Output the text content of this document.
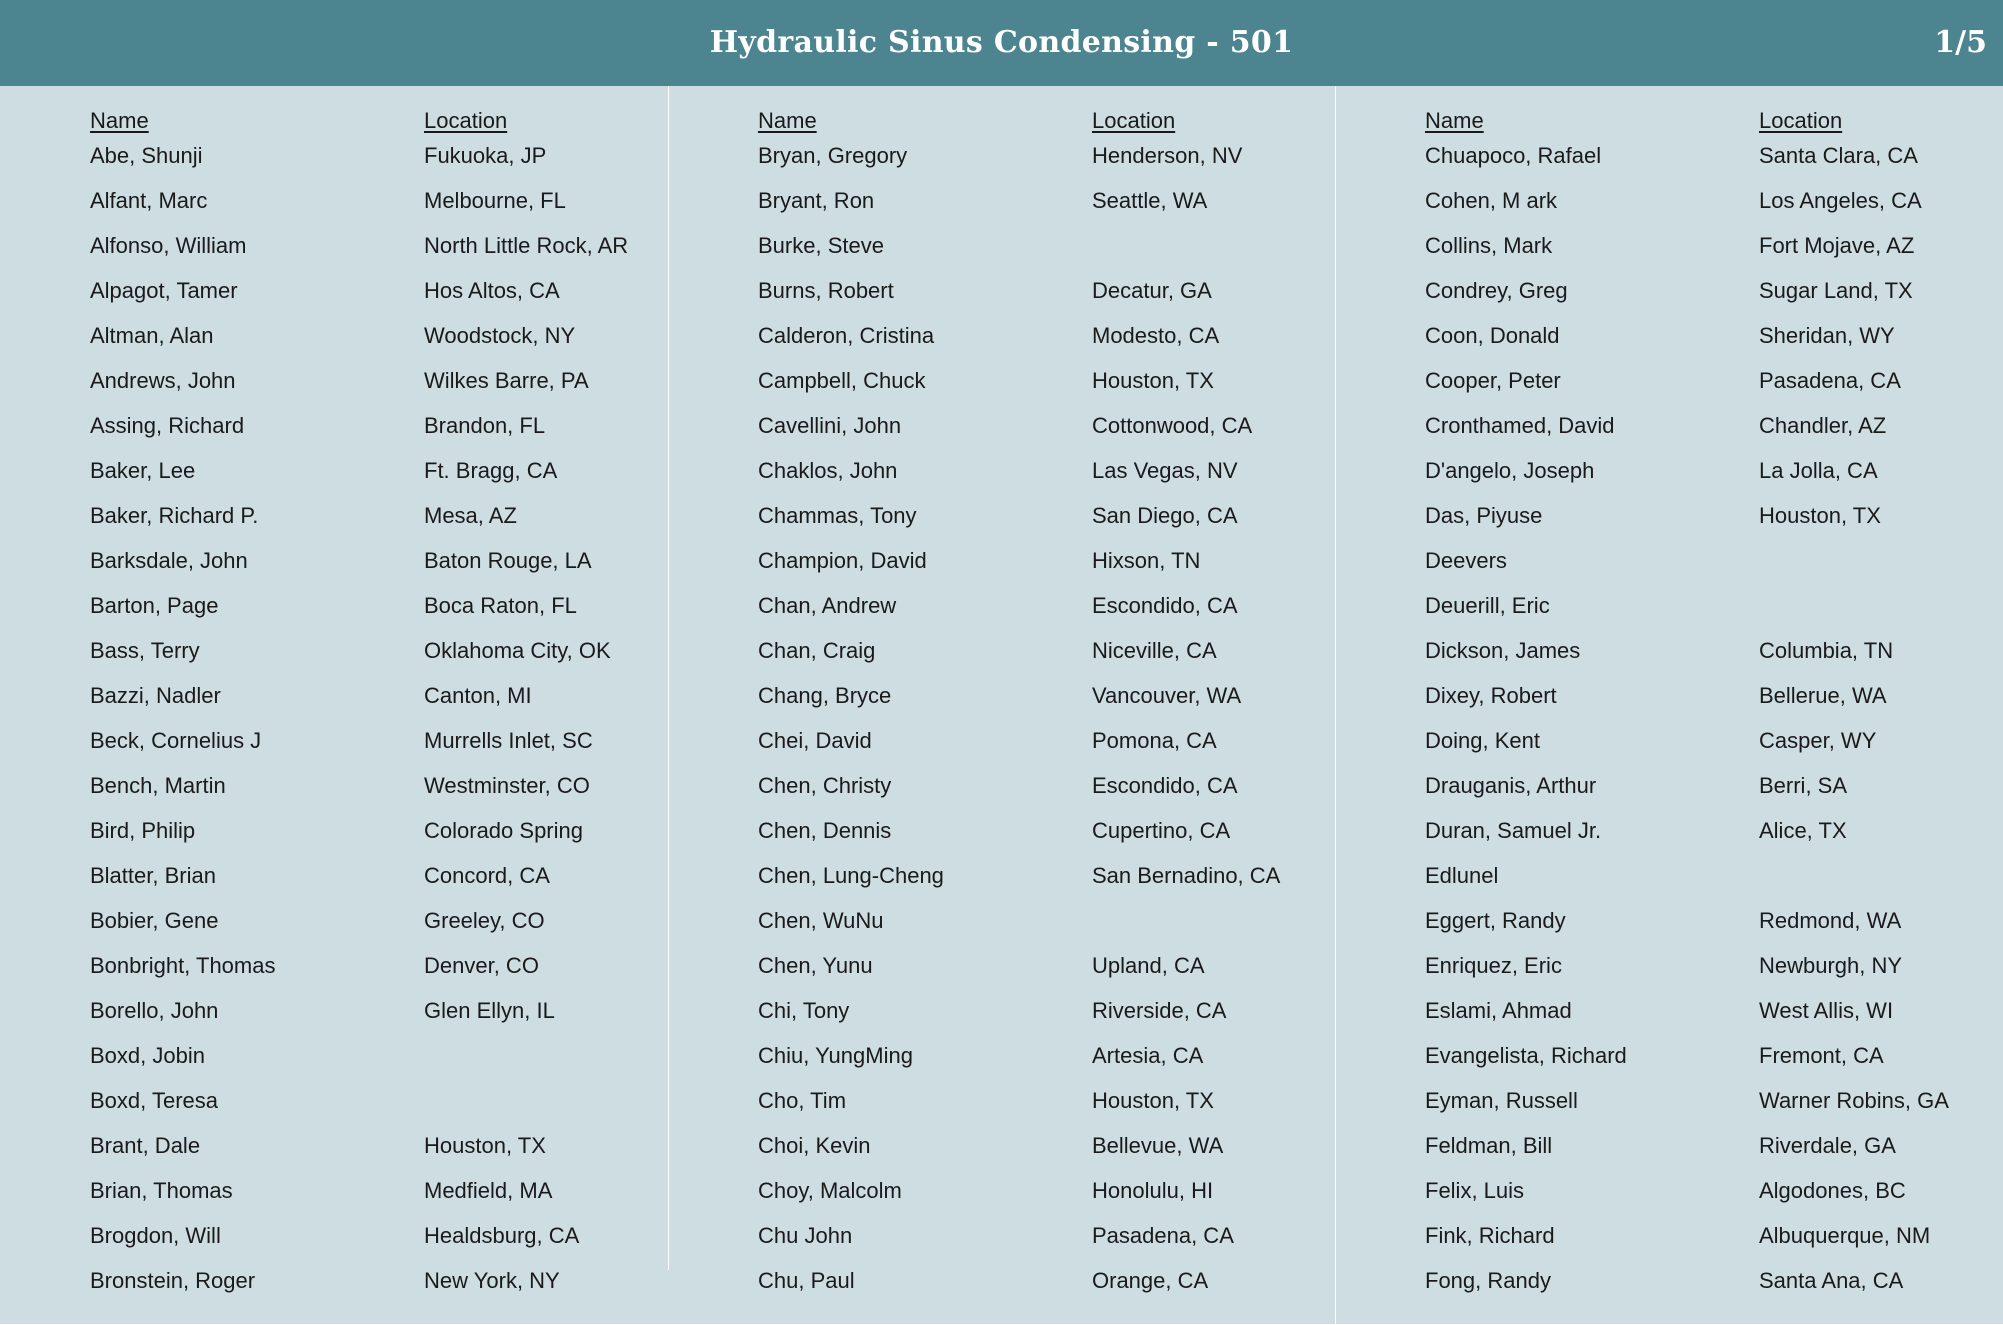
Hydraulic Sinus Condensing - 501	1/5
Name	Location
Abe, Shunji	Fukuoka, JP
Alfant, Marc	Melbourne, FL
Alfonso, William	North Little Rock, AR
Alpagot, Tamer	Hos Altos, CA
Altman, Alan	Woodstock, NY
Andrews, John	Wilkes Barre, PA
Assing, Richard	Brandon, FL
Baker, Lee	Ft. Bragg, CA
Baker, Richard P.	Mesa, AZ
Barksdale, John	Baton Rouge, LA
Barton, Page	Boca Raton, FL
Bass, Terry	Oklahoma City, OK
Bazzi, Nadler	Canton, MI
Beck, Cornelius J	Murrells Inlet, SC
Bench, Martin	Westminster, CO
Bird, Philip	Colorado Spring
Blatter, Brian	Concord, CA
Bobier, Gene	Greeley, CO
Bonbright, Thomas	Denver, CO
Borello, John	Glen Ellyn, IL
Boxd, Jobin
Boxd, Teresa
Brant, Dale	Houston, TX
Brian, Thomas	Medfield, MA
Brogdon, Will	Healdsburg, CA
Bronstein, Roger	New York, NY
Name	Location
Bryan, Gregory	Henderson, NV
Bryant, Ron	Seattle, WA
Burke, Steve
Burns, Robert	Decatur, GA
Calderon, Cristina	Modesto, CA
Campbell, Chuck	Houston, TX
Cavellini, John	Cottonwood, CA
Chaklos, John	Las Vegas, NV
Chammas, Tony	San Diego, CA
Champion, David	Hixson, TN
Chan, Andrew	Escondido, CA
Chan, Craig	Niceville, CA
Chang, Bryce	Vancouver, WA
Chei, David	Pomona, CA
Chen, Christy	Escondido, CA
Chen, Dennis	Cupertino, CA
Chen, Lung-Cheng	San Bernadino, CA
Chen, WuNu
Chen, Yunu	Upland, CA
Chi, Tony	Riverside, CA
Chiu, YungMing	Artesia, CA
Cho, Tim	Houston, TX
Choi, Kevin	Bellevue, WA
Choy, Malcolm	Honolulu, HI
Chu John	Pasadena, CA
Chu, Paul	Orange, CA
Name	Location
Chuapoco, Rafael	Santa Clara, CA
Cohen, M ark	Los Angeles, CA
Collins, Mark	Fort Mojave, AZ
Condrey, Greg	Sugar Land, TX
Coon, Donald	Sheridan, WY
Cooper, Peter	Pasadena, CA
Cronthamed, David	Chandler, AZ
D'angelo, Joseph	La Jolla, CA
Das, Piyuse	Houston, TX
Deevers
Deuerill, Eric
Dickson, James	Columbia, TN
Dixey, Robert	Bellerue, WA
Doing, Kent	Casper, WY
Drauganis, Arthur	Berri, SA
Duran, Samuel Jr.	Alice, TX
Edlunel
Eggert, Randy	Redmond, WA
Enriquez, Eric	Newburgh, NY
Eslami, Ahmad	West Allis, WI
Evangelista, Richard	Fremont, CA
Eyman, Russell	Warner Robins, GA
Feldman, Bill	Riverdale, GA
Felix, Luis	Algodones, BC
Fink, Richard	Albuquerque, NM
Fong, Randy	Santa Ana, CA
